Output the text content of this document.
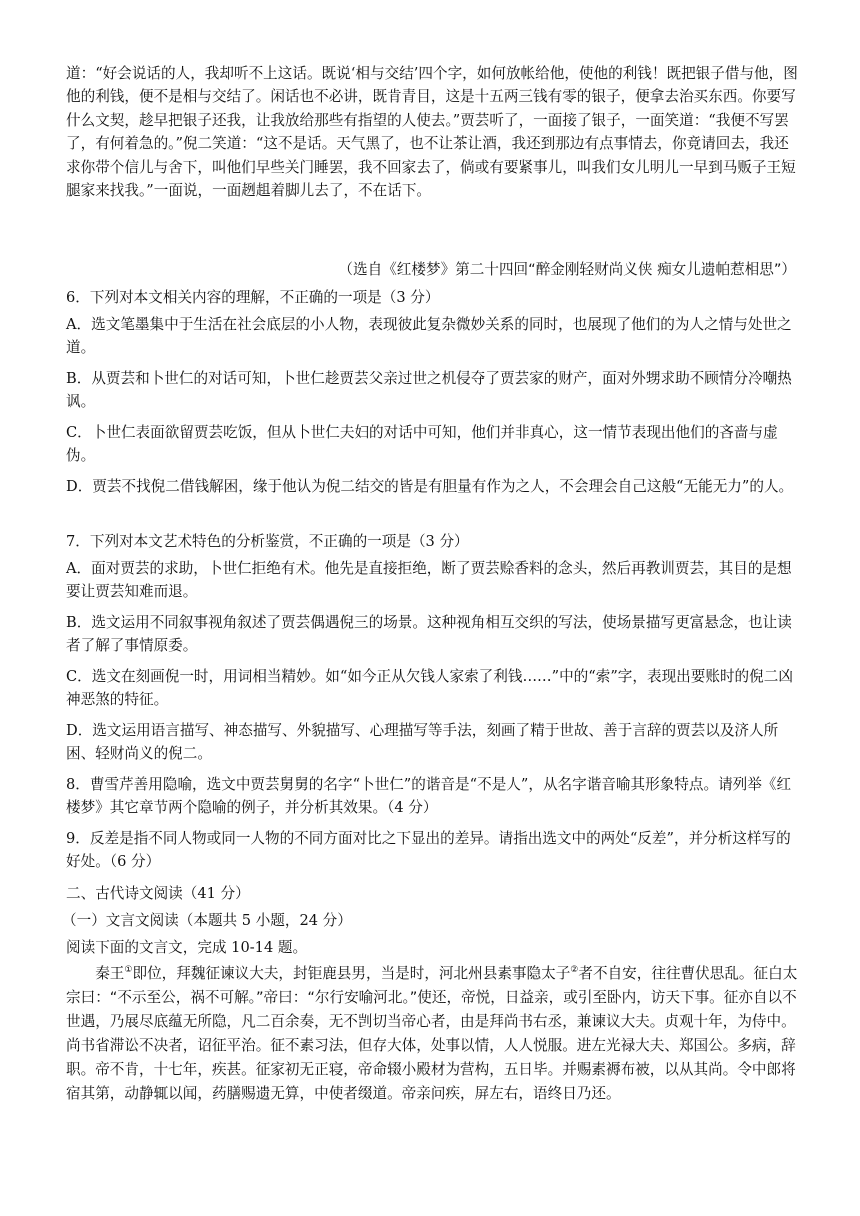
道：“好会说话的人，我却听不上这话。既说‘相与交结’四个字，如何放帐给他，使他的利钱！既把银子借与他，图他的利钱，便不是相与交结了。闲话也不必讲，既肯青目，这是十五两三钱有零的银子，便拿去治买东西。你要写什么文契，趁早把银子还我，让我放给那些有指望的人使去。”贾芸听了，一面接了银子，一面笑道：“我便不写罢了，有何着急的。”倪二笑道：“这不是话。天气黑了，也不让茶让酒，我还到那边有点事情去，你竟请回去，我还求你带个信儿与舍下，叫他们早些关门睡罢，我不回家去了，倘或有要紧事儿，叫我们女儿明儿一早到马贩子王短腿家来找我。”一面说，一面趔趄着脚儿去了，不在话下。
（选自《红楼梦》第二十四回“醉金刚轻财尚义侠 痴女儿遗帕惹相思”）
6．下列对本文相关内容的理解，不正确的一项是（3 分）
A．选文笔墨集中于生活在社会底层的小人物，表现彼此复杂微妙关系的同时，也展现了他们的为人之情与处世之道。
B．从贾芸和卜世仁的对话可知，卜世仁趁贾芸父亲过世之机侵夺了贾芸家的财产，面对外甥求助不顾情分冷嘲热讽。
C．卜世仁表面欲留贾芸吃饭，但从卜世仁夫妇的对话中可知，他们并非真心，这一情节表现出他们的吝啬与虚伪。
D．贾芸不找倪二借钱解困，缘于他认为倪二结交的皆是有胆量有作为之人，不会理会自己这般“无能无力”的人。
7．下列对本文艺术特色的分析鉴赏，不正确的一项是（3 分）
A．面对贾芸的求助，卜世仁拒绝有术。他先是直接拒绝，断了贾芸赊香料的念头，然后再教训贾芸，其目的是想要让贾芸知难而退。
B．选文运用不同叙事视角叙述了贾芸偶遇倪三的场景。这种视角相互交织的写法，使场景描写更富悬念，也让读者了解了事情原委。
C．选文在刻画倪一时，用词相当精妙。如“如今正从欠钱人家索了利钱……”中的“索”字，表现出要账时的倪二凶神恶煞的特征。
D．选文运用语言描写、神态描写、外貌描写、心理描写等手法，刻画了精于世故、善于言辞的贾芸以及济人所困、轻财尚义的倪二。
8．曹雪芹善用隐喻，选文中贾芸舅舅的名字“卜世仁”的谐音是“不是人”，从名字谐音喻其形象特点。请列举《红楼梦》其它章节两个隐喻的例子，并分析其效果。（4 分）
9．反差是指不同人物或同一人物的不同方面对比之下显出的差异。请指出选文中的两处“反差”，并分析这样写的好处。（6 分）
二、古代诗文阅读（41 分）
（一）文言文阅读（本题共 5 小题，24 分）
阅读下面的文言文，完成 10-14 题。
秦王①即位，拜魏征谏议大夫，封钜鹿县男，当是时，河北州县素事隐太子②者不自安，往往曹伏思乱。征白太宗曰：“不示至公，祸不可解。”帝曰：“尔行安喻河北。”使还，帝悦，日益亲，或引至卧内，访天下事。征亦自以不世遇，乃展尽底蕴无所隐，凡二百余奏，无不剀切当帝心者，由是拜尚书右丞，兼谏议大夫。贞观十年，为侍中。尚书省滞讼不决者，诏征平治。征不素习法，但存大体，处事以情，人人悦服。进左光禄大夫、郑国公。多病，辞职。帝不肯，十七年，疾甚。征家初无正寝，帝命辍小殿材为营构，五日毕。并赐素褥布被，以从其尚。令中郎将宿其第，动静辄以闻，药膳赐遗无算，中使者缀道。帝亲问疾，屏左右，语终日乃还。
